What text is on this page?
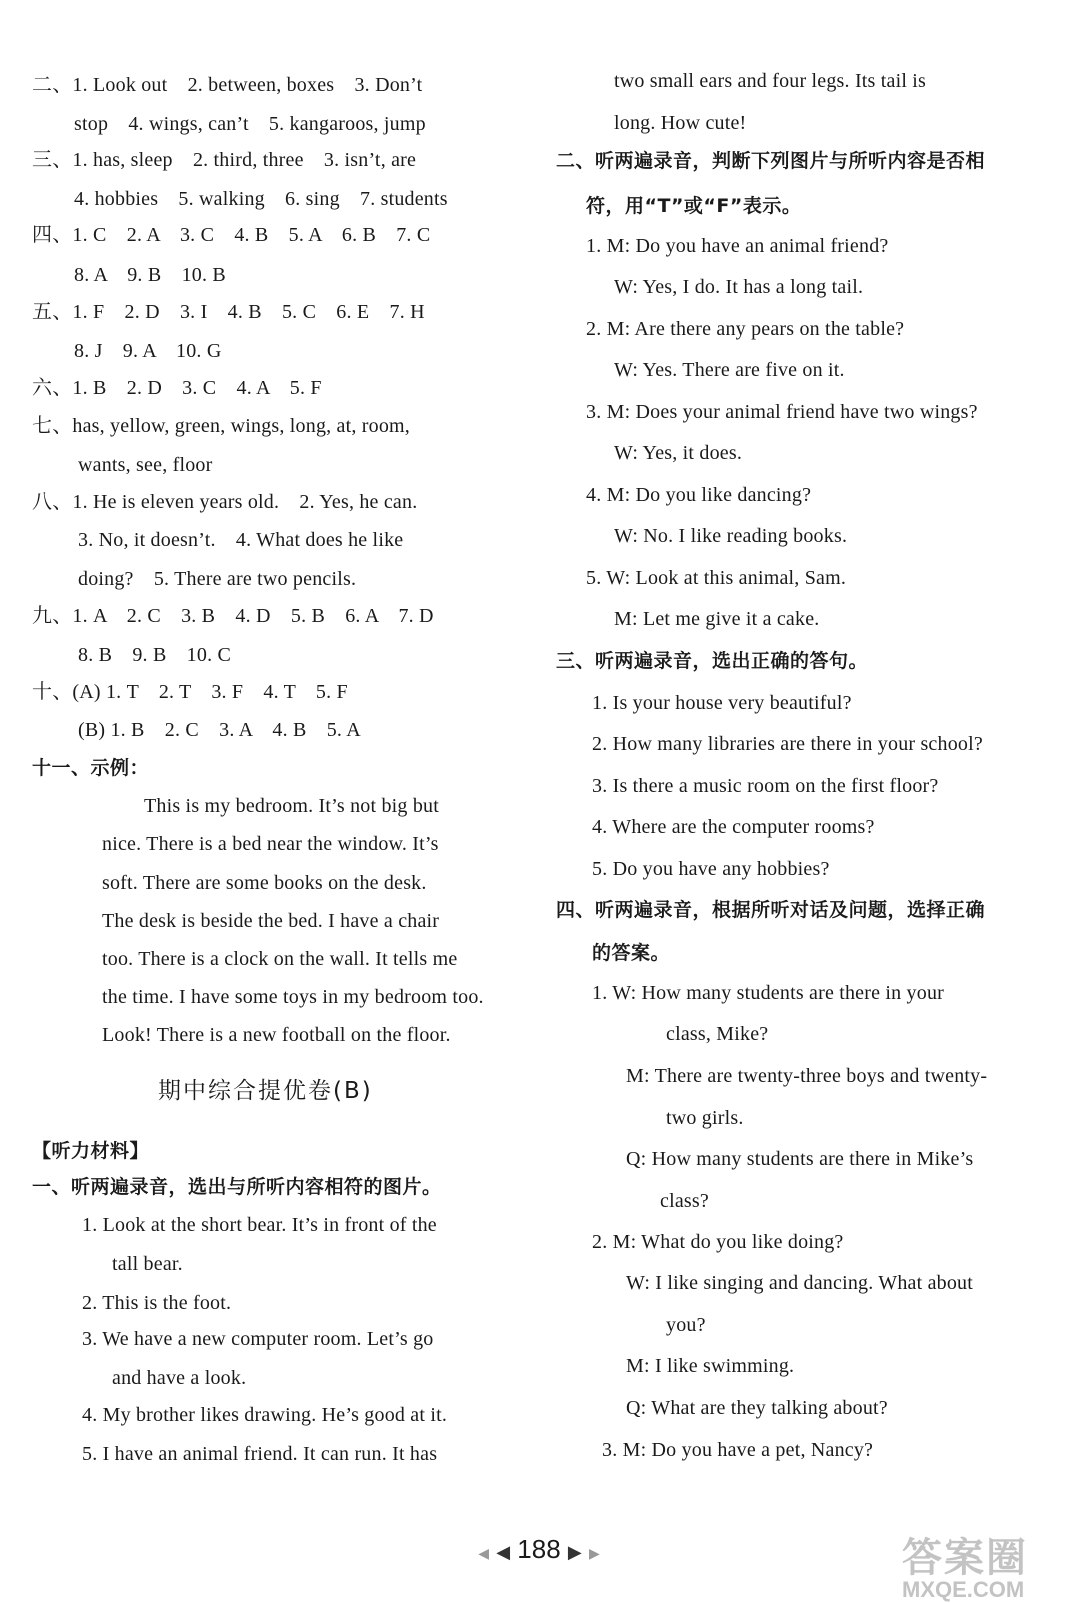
二、1. Look out　2. between, boxes　3. Don’t
stop　4. wings, can’t　5. kangaroos, jump
三、1. has, sleep　2. third, three　3. isn’t, are
4. hobbies　5. walking　6. sing　7. students
四、1. C　2. A　3. C　4. B　5. A　6. B　7. C
8. A　9. B　10. B
五、1. F　2. D　3. I　4. B　5. C　6. E　7. H
8. J　9. A　10. G
六、1. B　2. D　3. C　4. A　5. F
七、has, yellow, green, wings, long, at, room,
wants, see, floor
八、1. He is eleven years old.　2. Yes, he can.
3. No, it doesn’t.　4. What does he like
doing?　5. There are two pencils.
九、1. A　2. C　3. B　4. D　5. B　6. A　7. D
8. B　9. B　10. C
十、(A) 1. T　2. T　3. F　4. T　5. F
(B) 1. B　2. C　3. A　4. B　5. A
十一、示例：
This is my bedroom. It’s not big but
nice. There is a bed near the window. It’s
soft. There are some books on the desk.
The desk is beside the bed. I have a chair
too. There is a clock on the wall. It tells me
the time. I have some toys in my bedroom too.
Look! There is a new football on the floor.
期中综合提优卷(B)
【听力材料】
一、听两遍录音，选出与所听内容相符的图片。
1. Look at the short bear. It’s in front of the
tall bear.
2. This is the foot.
3. We have a new computer room. Let’s go
and have a look.
4. My brother likes drawing. He’s good at it.
5. I have an animal friend. It can run. It has
two small ears and four legs. Its tail is
long. How cute!
二、听两遍录音，判断下列图片与所听内容是否相
符，用“T”或“F”表示。
1. M: Do you have an animal friend?
W: Yes, I do. It has a long tail.
2. M: Are there any pears on the table?
W: Yes. There are five on it.
3. M: Does your animal friend have two wings?
W: Yes, it does.
4. M: Do you like dancing?
W: No. I like reading books.
5. W: Look at this animal, Sam.
M: Let me give it a cake.
三、听两遍录音，选出正确的答句。
1. Is your house very beautiful?
2. How many libraries are there in your school?
3. Is there a music room on the first floor?
4. Where are the computer rooms?
5. Do you have any hobbies?
四、听两遍录音，根据所听对话及问题，选择正确
的答案。
1. W: How many students are there in your
class, Mike?
M: There are twenty-three boys and twenty-
two girls.
Q: How many students are there in Mike’s
class?
2. M: What do you like doing?
W: I like singing and dancing. What about
you?
M: I like swimming.
Q: What are they talking about?
3. M: Do you have a pet, Nancy?
◀ ◀ 188 ▶ ▶	答案圈
MXQE.COM
